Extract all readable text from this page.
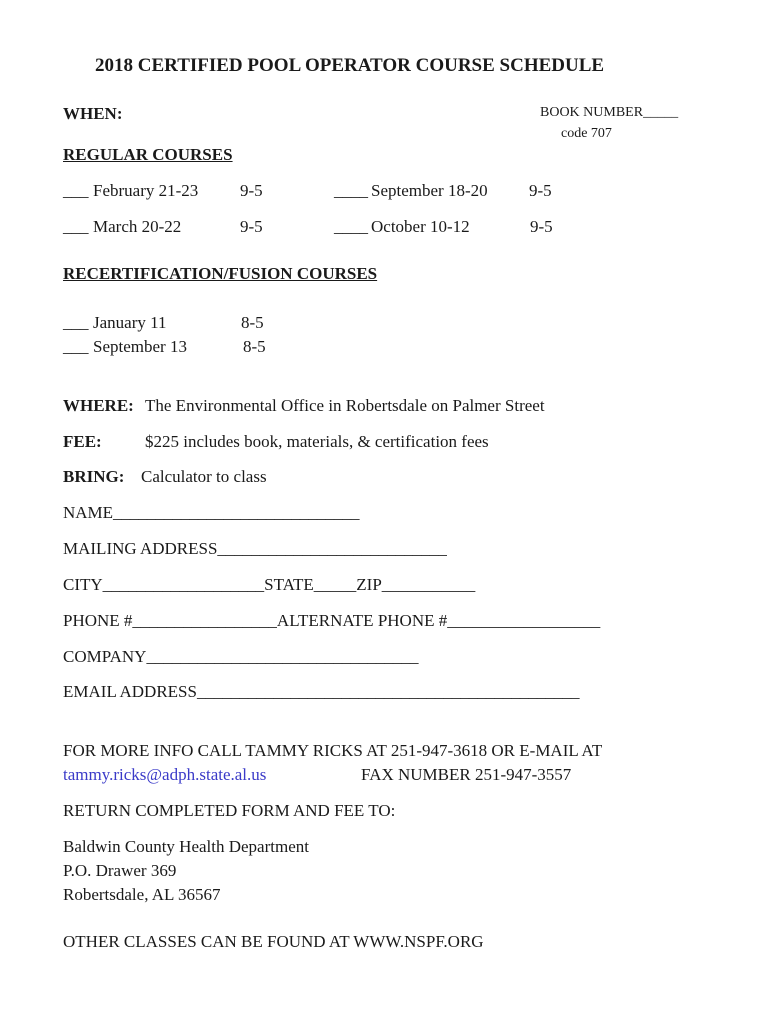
2018 CERTIFIED POOL OPERATOR COURSE SCHEDULE
WHEN:	BOOK NUMBER_____
code 707
REGULAR COURSES
___ February 21-23 9-5	____ September 18-20 9-5
___ March 20-22	9-5	____ October 10-12	9-5
RECERTIFICATION/FUSION COURSES
___ January 11	8-5
___ September 13	8-5
WHERE: The Environmental Office in Robertsdale on Palmer Street
FEE:	$225 includes book, materials, & certification fees
BRING: Calculator to class
NAME_____________________________
MAILING ADDRESS___________________________
CITY___________________STATE_____ZIP___________
PHONE #_________________ALTERNATE PHONE #__________________
COMPANY________________________________
EMAIL ADDRESS_____________________________________________
FOR MORE INFO CALL TAMMY RICKS AT 251-947-3618 OR E-MAIL AT
tammy.ricks@adph.state.al.us	FAX NUMBER 251-947-3557
RETURN COMPLETED FORM AND FEE TO:
Baldwin County Health Department
P.O. Drawer 369
Robertsdale, AL 36567
OTHER CLASSES CAN BE FOUND AT WWW.NSPF.ORG
